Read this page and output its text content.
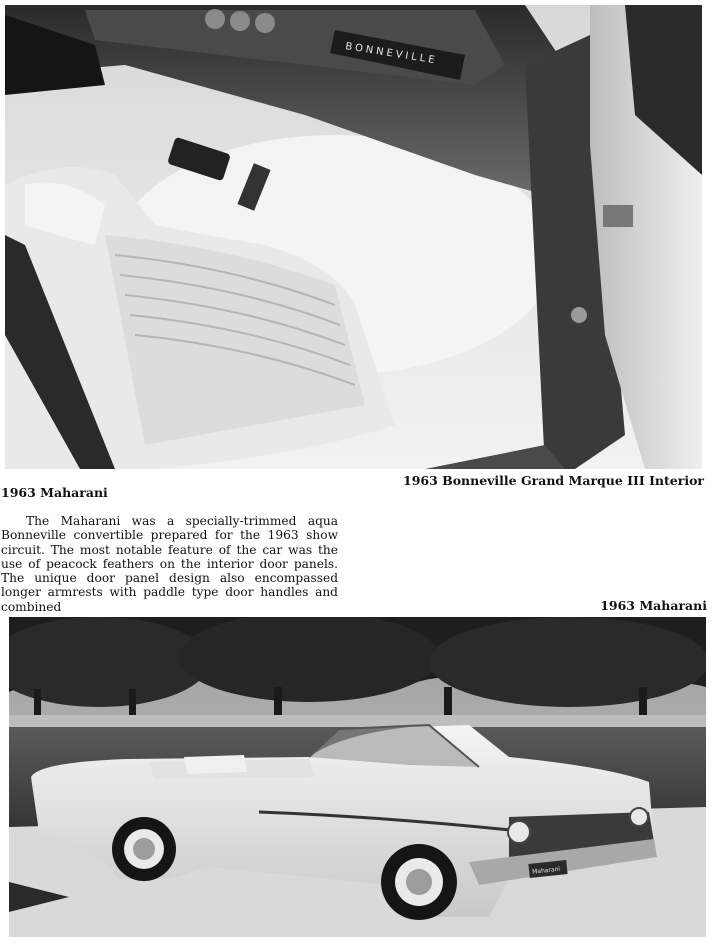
BONNEVILLE
1963 Bonneville Grand Marque III Interior
1963 Maharani

The Maharani was a specially-trimmed aqua Bonneville convertible prepared for the 1963 show circuit. The most notable feature of the car was the use of peacock feathers on the interior door panels. The unique door panel design also encompassed longer armrests with paddle type door handles and combined	1963 Maharani
Maharani
